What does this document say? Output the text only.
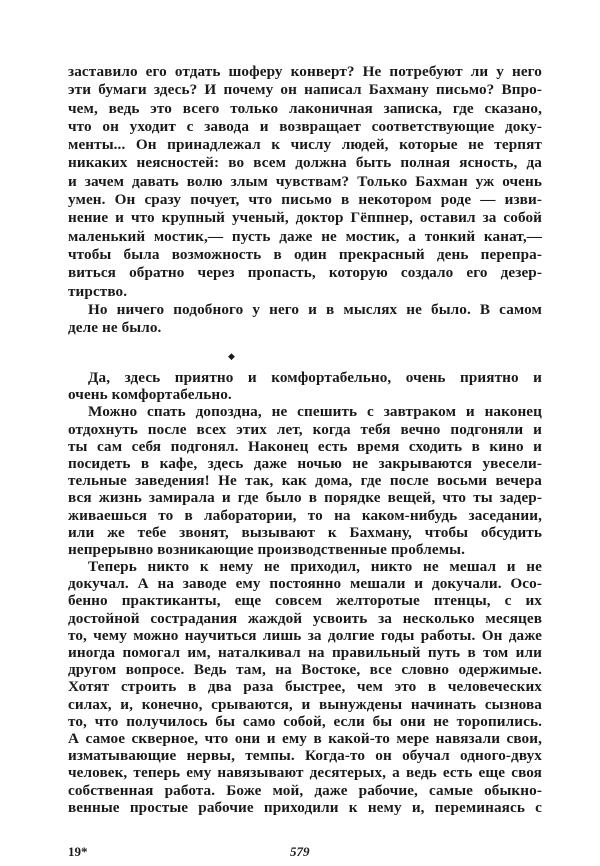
заставило его отдать шоферу конверт? Не потребуют ли у него
эти бумаги здесь? И почему он написал Бахману письмо? Впро-
чем, ведь это всего только лаконичная записка, где сказано,
что он уходит с завода и возвращает соответствующие доку-
менты... Он принадлежал к числу людей, которые не терпят
никаких неясностей: во всем должна быть полная ясность, да
и зачем давать волю злым чувствам? Только Бахман уж очень
умен. Он сразу почует, что письмо в некотором роде — изви-
нение и что крупный ученый, доктор Гёппнер, оставил за собой
маленький мостик,— пусть даже не мостик, а тонкий канат,—
чтобы была возможность в один прекрасный день перепра-
виться обратно через пропасть, которую создало его дезер-
тирство.
Но ничего подобного у него и в мыслях не было. В самом
деле не было.
◆
Да, здесь приятно и комфортабельно, очень приятно и
очень комфортабельно.
Можно спать допоздна, не спешить с завтраком и наконец
отдохнуть после всех этих лет, когда тебя вечно подгоняли и
ты сам себя подгонял. Наконец есть время сходить в кино и
посидеть в кафе, здесь даже ночью не закрываются увесели-
тельные заведения! Не так, как дома, где после восьми вечера
вся жизнь замирала и где было в порядке вещей, что ты задер-
живаешься то в лаборатории, то на каком-нибудь заседании,
или же тебе звонят, вызывают к Бахману, чтобы обсудить
непрерывно возникающие производственные проблемы.
Теперь никто к нему не приходил, никто не мешал и не
докучал. А на заводе ему постоянно мешали и докучали. Осо-
бенно практиканты, еще совсем желторотые птенцы, с их
достойной сострадания жаждой усвоить за несколько месяцев
то, чему можно научиться лишь за долгие годы работы. Он даже
иногда помогал им, наталкивал на правильный путь в том или
другом вопросе. Ведь там, на Востоке, все словно одержимые.
Хотят строить в два раза быстрее, чем это в человеческих
силах, и, конечно, срываются, и вынуждены начинать сызнова
то, что получилось бы само собой, если бы они не торопились.
А самое скверное, что они и ему в какой-то мере навязали свои,
изматывающие нервы, темпы. Когда-то он обучал одного-двух
человек, теперь ему навязывают десятерых, а ведь есть еще своя
собственная работа. Боже мой, даже рабочие, самые обыкно-
венные простые рабочие приходили к нему и, переминаясь с
19*	579
